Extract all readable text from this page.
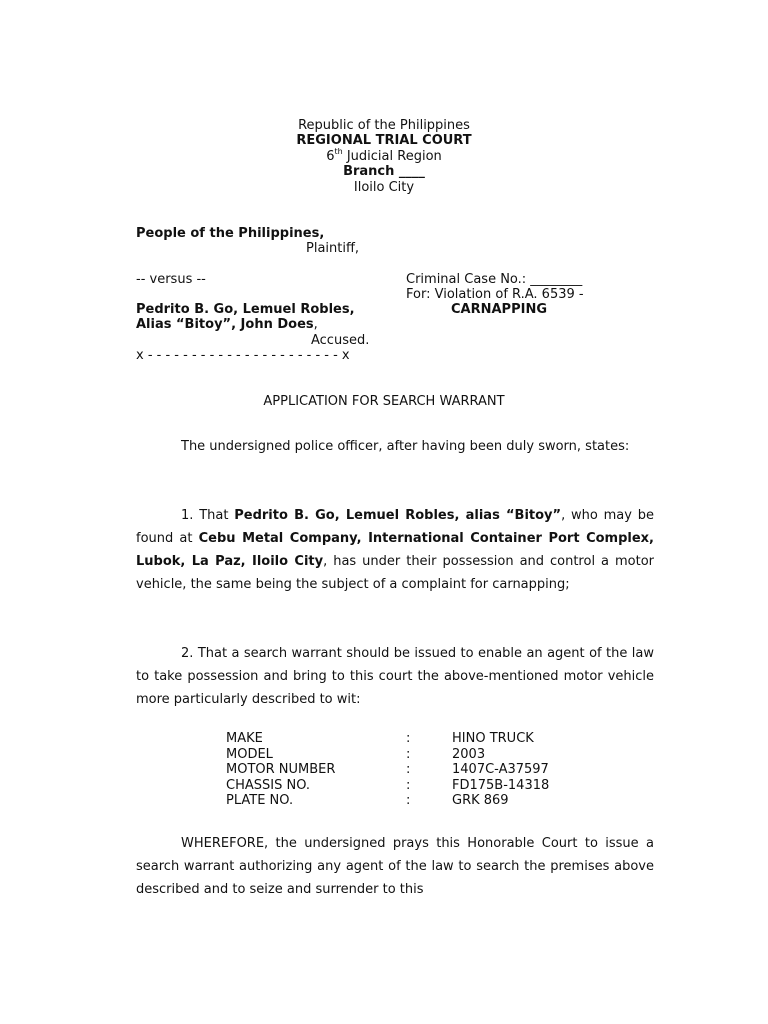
Republic of the Philippines
REGIONAL TRIAL COURT
6th Judicial Region
Branch ____
Iloilo City
People of the Philippines,
Plaintiff,
-- versus --	Criminal Case No.: ________
For: Violation of R.A. 6539 -
CARNAPPING
Pedrito B. Go, Lemuel Robles,
Alias “Bitoy”, John Does,
Accused.
x - - - - - - - - - - - - - - - - - - - - - - x
APPLICATION FOR SEARCH WARRANT
The undersigned police officer, after having been duly sworn, states:
1. That Pedrito B. Go, Lemuel Robles, alias “Bitoy”, who may be found at Cebu Metal Company, International Container Port Complex, Lubok, La Paz, Iloilo City, has under their possession and control a motor vehicle, the same being the subject of a complaint for carnapping;
2. That a search warrant should be issued to enable an agent of the law to take possession and bring to this court the above-mentioned motor vehicle more particularly described to wit:
MAKE	:	HINO TRUCK
MODEL	:	2003
MOTOR NUMBER	:	1407C-A37597
CHASSIS NO.	:	FD175B-14318
PLATE NO.	:	GRK 869
WHEREFORE, the undersigned prays this Honorable Court to issue a search warrant authorizing any agent of the law to search the premises above described and to seize and surrender to this
